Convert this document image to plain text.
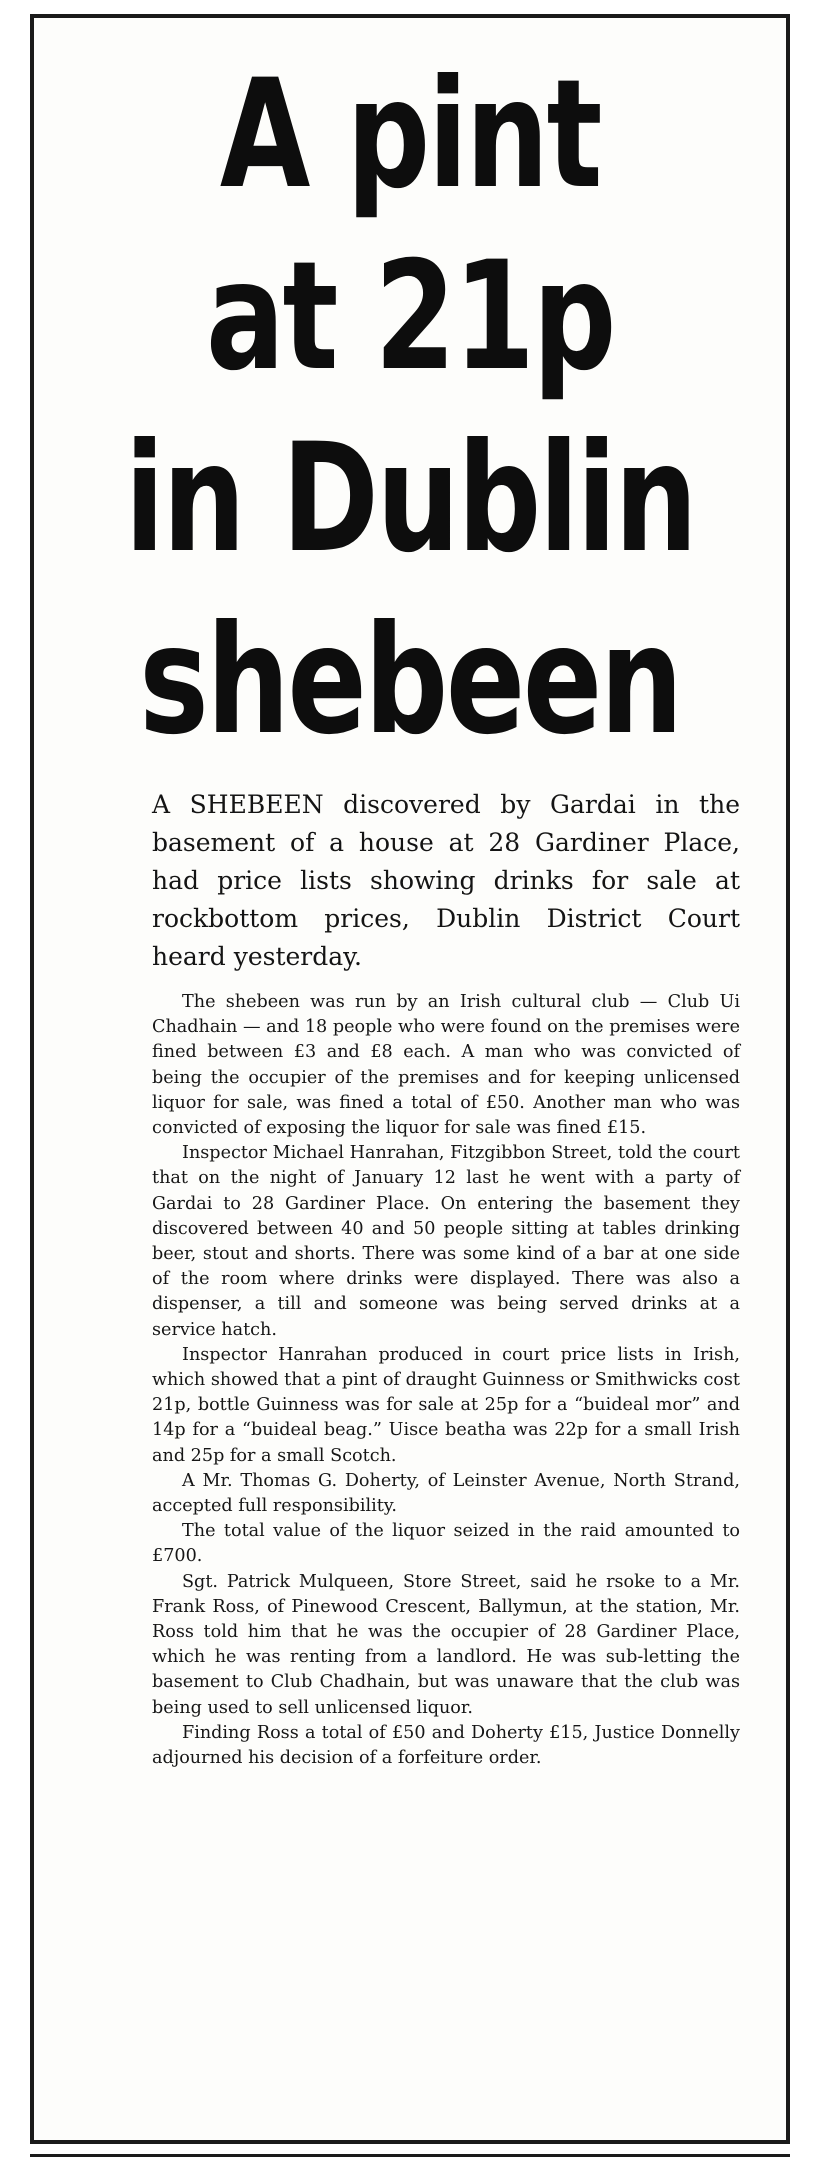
A pint
at 21p
in Dublin
shebeen

A SHEBEEN discovered by Gardai in the basement of a house at 28 Gardiner Place, had price lists showing drinks for sale at rockbottom prices, Dublin District Court heard yesterday.

The shebeen was run by an Irish cultural club — Club Ui Chadhain — and 18 people who were found on the premises were fined between £3 and £8 each. A man who was convicted of being the occupier of the premises and for keeping unlicensed liquor for sale, was fined a total of £50. Another man who was convicted of exposing the liquor for sale was fined £15.

Inspector Michael Hanrahan, Fitzgibbon Street, told the court that on the night of January 12 last he went with a party of Gardai to 28 Gardiner Place. On entering the basement they discovered between 40 and 50 people sitting at tables drinking beer, stout and shorts. There was some kind of a bar at one side of the room where drinks were displayed. There was also a dispenser, a till and someone was being served drinks at a service hatch.

Inspector Hanrahan produced in court price lists in Irish, which showed that a pint of draught Guinness or Smithwicks cost 21p, bottle Guinness was for sale at 25p for a “buideal mor” and 14p for a “buideal beag.” Uisce beatha was 22p for a small Irish and 25p for a small Scotch.

A Mr. Thomas G. Doherty, of Leinster Avenue, North Strand, accepted full responsibility.

The total value of the liquor seized in the raid amounted to £700.

Sgt. Patrick Mulqueen, Store Street, said he rsoke to a Mr. Frank Ross, of Pinewood Crescent, Ballymun, at the station, Mr. Ross told him that he was the occupier of 28 Gardiner Place, which he was renting from a landlord. He was sub-letting the basement to Club Chadhain, but was unaware that the club was being used to sell unlicensed liquor.

Finding Ross a total of £50 and Doherty £15, Justice Donnelly adjourned his decision of a forfeiture order.
